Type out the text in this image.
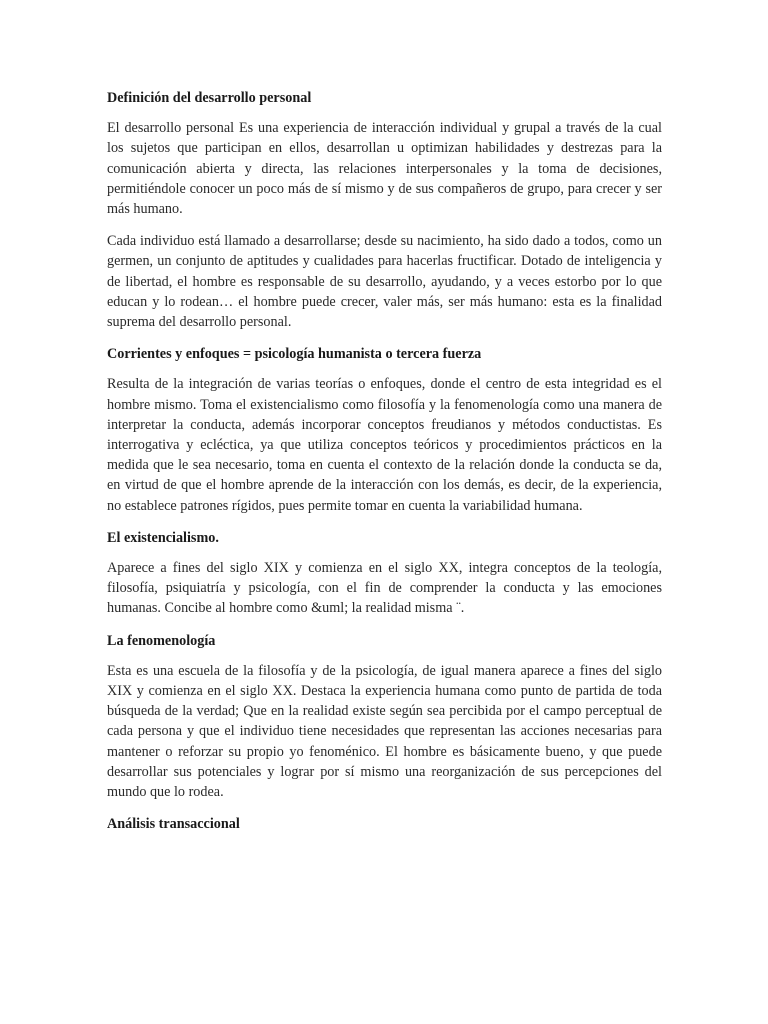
Definición del desarrollo personal

El desarrollo personal Es una experiencia de interacción individual y grupal a través de la cual los sujetos que participan en ellos, desarrollan u optimizan habilidades y destrezas para la comunicación abierta y directa, las relaciones interpersonales y la toma de decisiones, permitiéndole conocer un poco más de sí mismo y de sus compañeros de grupo, para crecer y ser más humano.

Cada individuo está llamado a desarrollarse; desde su nacimiento, ha sido dado a todos, como un germen, un conjunto de aptitudes y cualidades para hacerlas fructificar. Dotado de inteligencia y de libertad, el hombre es responsable de su desarrollo, ayudando, y a veces estorbo por lo que educan y lo rodean… el hombre puede crecer, valer más, ser más humano: esta es la finalidad suprema del desarrollo personal.

Corrientes y enfoques = psicología humanista o tercera fuerza

Resulta de la integración de varias teorías o enfoques, donde el centro de esta integridad es el hombre mismo. Toma el existencialismo como filosofía y la fenomenología como una manera de interpretar la conducta, además incorporar conceptos freudianos y métodos conductistas. Es interrogativa y ecléctica, ya que utiliza conceptos teóricos y procedimientos prácticos en la medida que le sea necesario, toma en cuenta el contexto de la relación donde la conducta se da, en virtud de que el hombre aprende de la interacción con los demás, es decir, de la experiencia, no establece patrones rígidos, pues permite tomar en cuenta la variabilidad humana.

El existencialismo.

Aparece a fines del siglo XIX y comienza en el siglo XX, integra conceptos de la teología, filosofía, psiquiatría y psicología, con el fin de comprender la conducta y las emociones humanas. Concibe al hombre como &uml; la realidad misma ¨.

La fenomenología

Esta es una escuela de la filosofía y de la psicología, de igual manera aparece a fines del siglo XIX y comienza en el siglo XX. Destaca la experiencia humana como punto de partida de toda búsqueda de la verdad; Que en la realidad existe según sea percibida por el campo perceptual de cada persona y que el individuo tiene necesidades que representan las acciones necesarias para mantener o reforzar su propio yo fenoménico. El hombre es básicamente bueno, y que puede desarrollar sus potenciales y lograr por sí mismo una reorganización de sus percepciones del mundo que lo rodea.

Análisis transaccional
